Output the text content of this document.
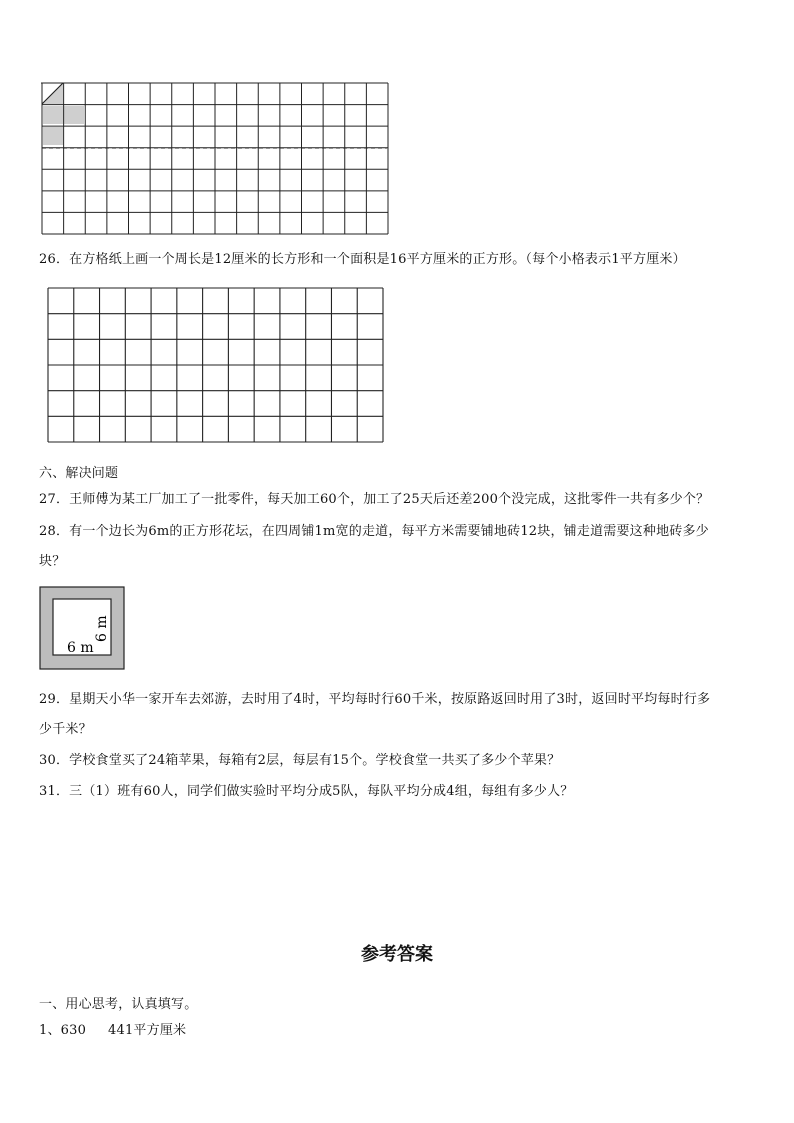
26．在方格纸上画一个周长是12厘米的长方形和一个面积是16平方厘米的正方形。（每个小格表示1平方厘米）
六、解决问题
27．王师傅为某工厂加工了一批零件，每天加工60个，加工了25天后还差200个没完成，这批零件一共有多少个？
28．有一个边长为6m的正方形花坛，在四周铺1m宽的走道，每平方米需要铺地砖12块，铺走道需要这种地砖多少
块？
6 m
6 m
29．星期天小华一家开车去郊游，去时用了4时，平均每时行60千米，按原路返回时用了3时，返回时平均每时行多
少千米？
30．学校食堂买了24箱苹果，每箱有2层，每层有15个。学校食堂一共买了多少个苹果？
31．三（1）班有60人，同学们做实验时平均分成5队，每队平均分成4组，每组有多少人？
参考答案
一、用心思考，认真填写。
1、630 441平方厘米
